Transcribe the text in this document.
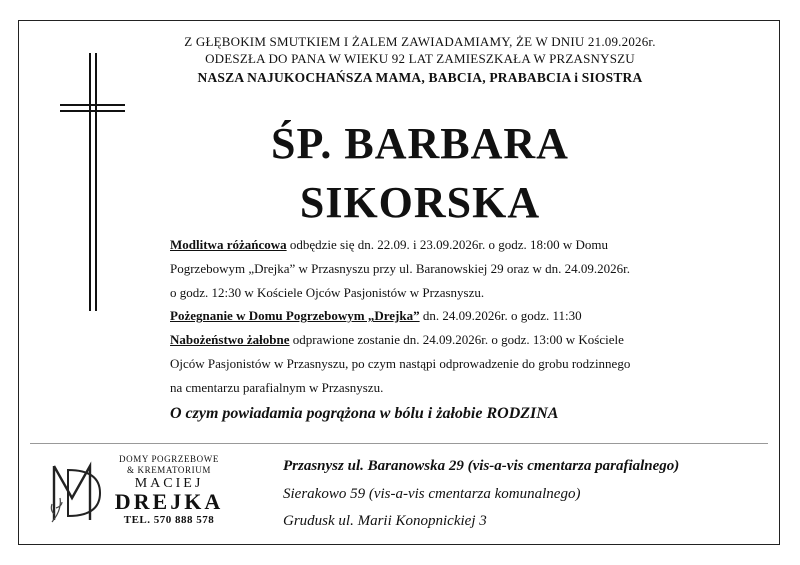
Z GŁĘBOKIM SMUTKIEM I ŻALEM ZAWIADAMIAMY, ŻE W DNIU 21.09.2026r.
ODESZŁA DO PANA W WIEKU 92 LAT ZAMIESZKAŁA W PRZASNYSZU
NASZA NAJUKOCHAŃSZA MAMA, BABCIA, PRABABCIA i SIOSTRA
ŚP. BARBARA
SIKORSKA

Modlitwa różańcowa odbędzie się dn. 22.09. i 23.09.2026r. o godz. 18:00 w Domu

Pogrzebowym „Drejka” w Przasnyszu przy ul. Baranowskiej 29 oraz w dn. 24.09.2026r.

o godz. 12:30 w Kościele Ojców Pasjonistów w Przasnyszu.

Pożegnanie w Domu Pogrzebowym „Drejka” dn. 24.09.2026r. o godz. 11:30

Nabożeństwo żałobne odprawione zostanie dn. 24.09.2026r. o godz. 13:00 w Kościele

Ojców Pasjonistów w Przasnyszu, po czym nastąpi odprowadzenie do grobu rodzinnego

na cmentarzu parafialnym w Przasnyszu.

O czym powiadamia pogrążona w bólu i żałobie RODZINA
DOMY POGRZEBOWE
& KREMATORIUM
MACIEJ
DREJKA
TEL. 570 888 578
Przasnysz ul. Baranowska 29 (vis-a-vis cmentarza parafialnego)
Sierakowo 59 (vis-a-vis cmentarza komunalnego)
Grudusk ul. Marii Konopnickiej 3
